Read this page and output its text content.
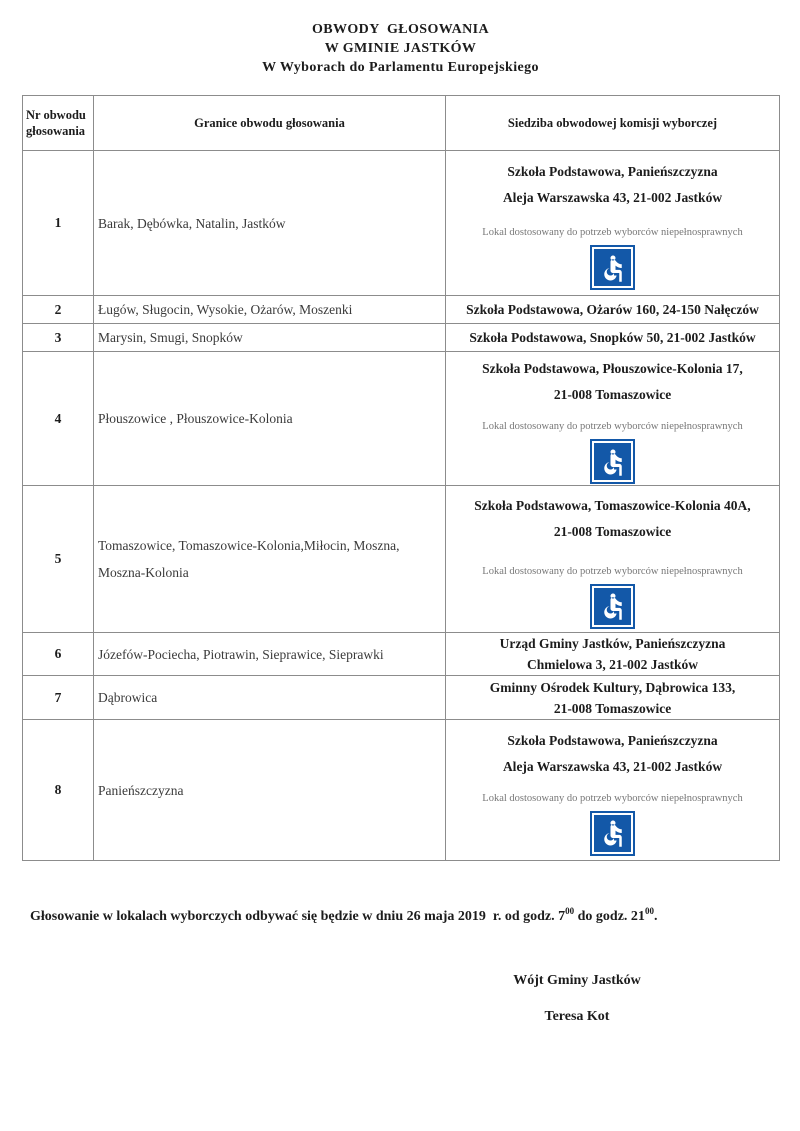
OBWODY  GŁOSOWANIA
W GMINIE JASTKÓW
W Wyborach do Parlamentu Europejskiego
Nr obwodu głosowania	Granice obwodu głosowania	Siedziba obwodowej komisji wyborczej
1	Barak, Dębówka, Natalin, Jastków	Szkoła Podstawowa, Panieńszczyzna
Aleja Warszawska 43, 21-002 Jastków
Lokal dostosowany do potrzeb wyborców niepełnosprawnych

2	Ługów, Sługocin, Wysokie, Ożarów, Moszenki	Szkoła Podstawowa, Ożarów 160, 24-150 Nałęczów
3	Marysin, Smugi, Snopków	Szkoła Podstawowa, Snopków 50, 21-002 Jastków
4	Płouszowice , Płouszowice-Kolonia	Szkoła Podstawowa, Płouszowice-Kolonia 17,
21-008 Tomaszowice
Lokal dostosowany do potrzeb wyborców niepełnosprawnych

5	Tomaszowice, Tomaszowice-Kolonia,Miłocin, Moszna, Moszna-Kolonia	Szkoła Podstawowa, Tomaszowice-Kolonia 40A,
21-008 Tomaszowice
Lokal dostosowany do potrzeb wyborców niepełnosprawnych

6	Józefów-Pociecha, Piotrawin, Sieprawice, Sieprawki	Urząd Gminy Jastków, Panieńszczyzna
Chmielowa 3, 21-002 Jastków

7	Dąbrowica	Gminny Ośrodek Kultury, Dąbrowica 133,
21-008 Tomaszowice

8	Panieńszczyzna	Szkoła Podstawowa, Panieńszczyzna
Aleja Warszawska 43, 21-002 Jastków
Lokal dostosowany do potrzeb wyborców niepełnosprawnych

Głosowanie w lokalach wyborczych odbywać się będzie w dniu 26 maja 2019  r. od godz. $7^{00}$ do godz. $21^{00}$.

Wójt Gminy Jastków
Teresa Kot
